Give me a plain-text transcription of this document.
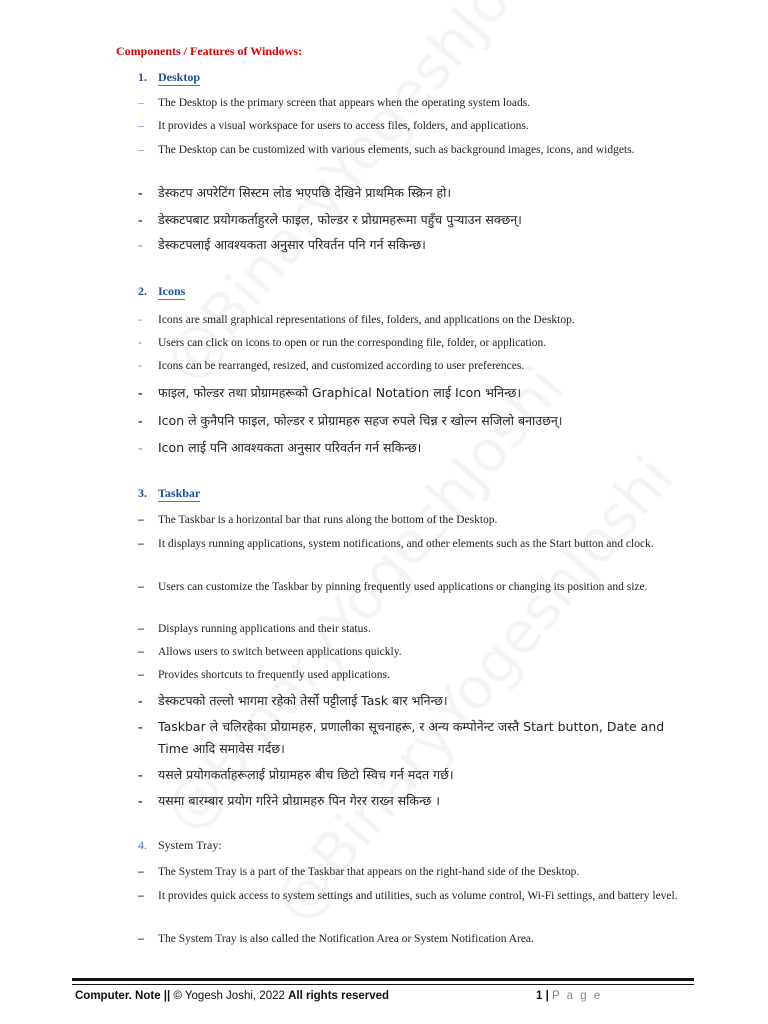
Components / Features of Windows:
1. Desktop
–	The Desktop is the primary screen that appears when the operating system loads.
–	It provides a visual workspace for users to access files, folders, and applications.
–	The Desktop can be customized with various elements, such as background images, icons, and widgets.
-	डेस्कटप अपरेटिंग सिस्टम लोड भएपछि देखिने प्राथमिक स्क्रिन हो।
-	डेस्कटपबाट प्रयोगकर्ताहुरले फाइल, फोल्डर र प्रोग्रामहरूमा पहुँच पुर्‍याउन सक्छन्।
-	डेस्कटपलाई आवश्यकता अनुसार परिवर्तन पनि गर्न सकिन्छ।
2. Icons
-	Icons are small graphical representations of files, folders, and applications on the Desktop.
-	Users can click on icons to open or run the corresponding file, folder, or application.
-	Icons can be rearranged, resized, and customized according to user preferences.
-	फाइल, फोल्डर तथा प्रोग्रामहरूको Graphical Notation लाई Icon भनिन्छ।
-	Icon ले कुनैपनि फाइल, फोल्डर र प्रोग्रामहरु सहज रुपले चिन्न र खोल्न सजिलो बनाउछन्।
-	Icon लाई पनि आवश्यकता अनुसार परिवर्तन गर्न सकिन्छ।
3. Taskbar
–	The Taskbar is a horizontal bar that runs along the bottom of the Desktop.
–	It displays running applications, system notifications, and other elements such as the Start button and clock.
–	Users can customize the Taskbar by pinning frequently used applications or changing its position and size.
–	Displays running applications and their status.
–	Allows users to switch between applications quickly.
–	Provides shortcuts to frequently used applications.
-	डेस्कटपको तल्लो भागमा रहेको तेर्सो पट्टीलाई Task बार भनिन्छ।
-	Taskbar ले चलिरहेका प्रोग्रामहरु, प्रणालीका सूचनाहरू, र अन्य कम्पोनेन्ट जस्तै Start button, Date and Time आदि समावेस गर्दछ।
-	यसले प्रयोगकर्ताहरूलाई प्रोग्रामहरु बीच छिटो स्विच गर्न मदत गर्छ।
-	यसमा बारम्बार प्रयोग गरिने प्रोग्रामहरु पिन गेरर राख्न सकिन्छ ।
4. System Tray:
–	The System Tray is a part of the Taskbar that appears on the right-hand side of the Desktop.
–	It provides quick access to system settings and utilities, such as volume control, Wi-Fi settings, and battery level.
–	The System Tray is also called the Notification Area or System Notification Area.
Computer. Note || © Yogesh Joshi, 2022 All rights reserved	1 | P a g e
